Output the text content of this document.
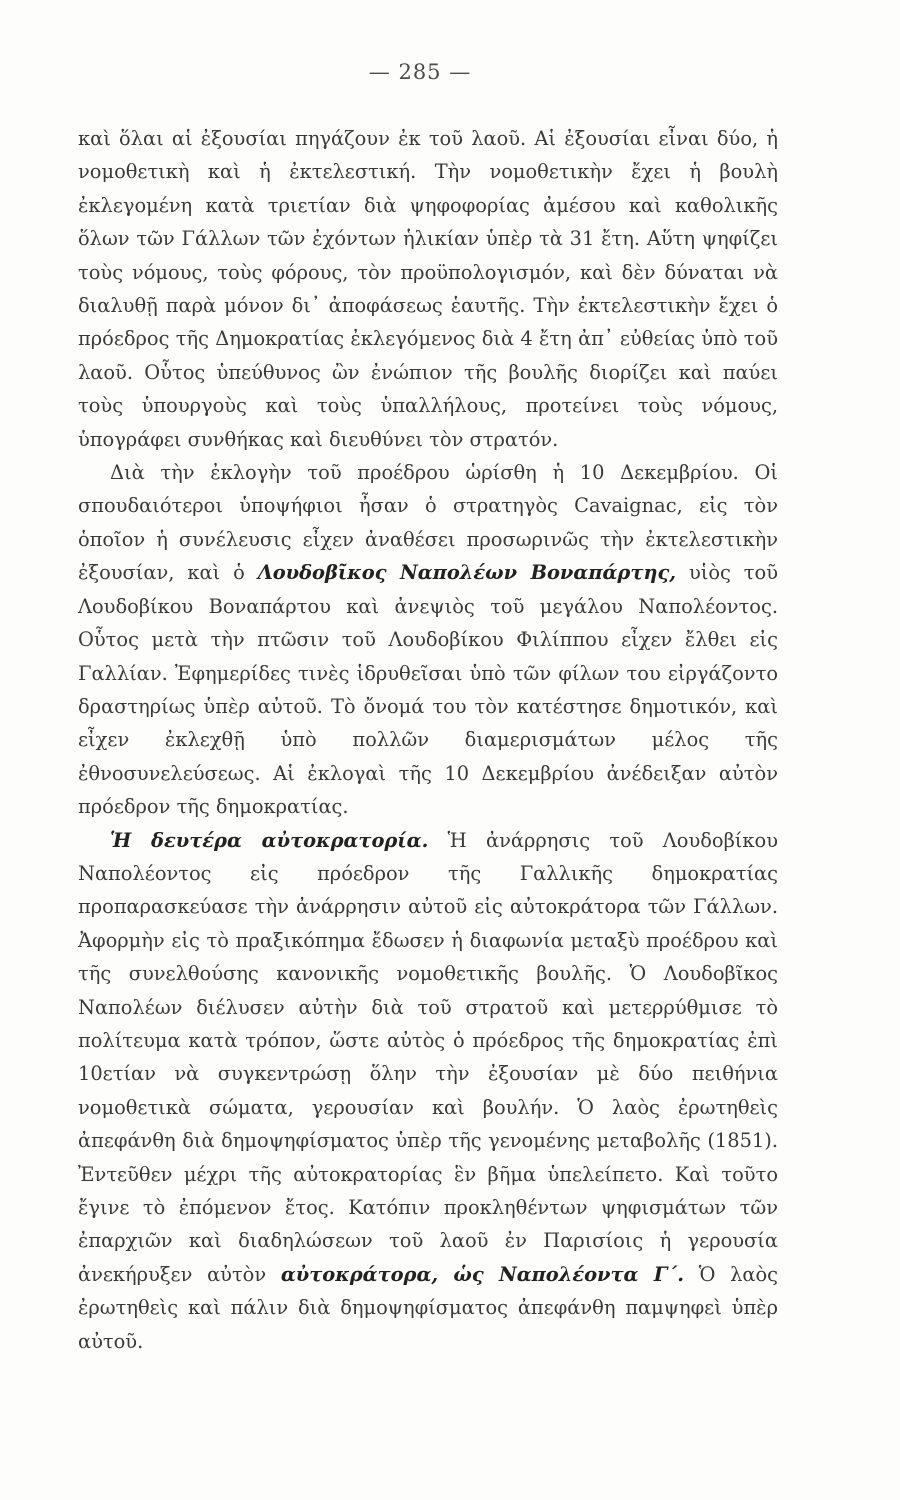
— 285 —

καὶ ὅλαι αἱ ἐξουσίαι πηγάζουν ἐκ τοῦ λαοῦ. Αἱ ἐξουσίαι εἶναι δύο, ἡ νομοθετικὴ καὶ ἡ ἐκτελεστική. Τὴν νομοθετικὴν ἔχει ἡ βουλὴ ἐκλεγομένη κατὰ τριετίαν διὰ ψηφοφορίας ἀμέσου καὶ καθολικῆς ὅλων τῶν Γάλλων τῶν ἐχόντων ἡλικίαν ὑπὲρ τὰ 31 ἔτη. Αὕτη ψηφίζει τοὺς νόμους, τοὺς φόρους, τὸν προϋπολογισμόν, καὶ δὲν δύναται νὰ διαλυθῇ παρὰ μόνον δι᾽ ἀποφάσεως ἑαυτῆς. Τὴν ἐκτελεστικὴν ἔχει ὁ πρόεδρος τῆς Δημοκρατίας ἐκλεγόμενος διὰ 4 ἔτη ἀπ᾽ εὐθείας ὑπὸ τοῦ λαοῦ. Οὗτος ὑπεύθυνος ὢν ἐνώπιον τῆς βουλῆς διορίζει καὶ παύει τοὺς ὑπουργοὺς καὶ τοὺς ὑπαλλήλους, προτείνει τοὺς νόμους, ὑπογράφει συνθήκας καὶ διευθύνει τὸν στρατόν.

Διὰ τὴν ἐκλογὴν τοῦ προέδρου ὡρίσθη ἡ 10 Δεκεμβρίου. Οἱ σπουδαιότεροι ὑποψήφιοι ἦσαν ὁ στρατηγὸς Cavaignac, εἰς τὸν ὁποῖον ἡ συνέλευσις εἶχεν ἀναθέσει προσωρινῶς τὴν ἐκτελεστικὴν ἐξουσίαν, καὶ ὁ Λουδοβῖκος Ναπολέων Βοναπάρτης, υἱὸς τοῦ Λουδοβίκου Βοναπάρτου καὶ ἀνεψιὸς τοῦ μεγάλου Ναπολέοντος. Οὗτος μετὰ τὴν πτῶσιν τοῦ Λουδοβίκου Φιλίππου εἶχεν ἔλθει εἰς Γαλλίαν. Ἐφημερίδες τινὲς ἱδρυθεῖσαι ὑπὸ τῶν φίλων του εἰργάζοντο δραστηρίως ὑπὲρ αὐτοῦ. Τὸ ὄνομά του τὸν κατέστησε δημοτικόν, καὶ εἶχεν ἐκλεχθῇ ὑπὸ πολλῶν διαμερισμάτων μέλος τῆς ἐθνοσυνελεύσεως. Αἱ ἐκλογαὶ τῆς 10 Δεκεμβρίου ἀνέδειξαν αὐτὸν πρόεδρον τῆς δημοκρατίας.

Ἡ δευτέρα αὐτοκρατορία. Ἡ ἀνάρρησις τοῦ Λουδοβίκου Ναπολέοντος εἰς πρόεδρον τῆς Γαλλικῆς δημοκρατίας προπαρασκεύασε τὴν ἀνάρρησιν αὐτοῦ εἰς αὐτοκράτορα τῶν Γάλλων. Ἀφορμὴν εἰς τὸ πραξικόπημα ἔδωσεν ἡ διαφωνία μεταξὺ προέδρου καὶ τῆς συνελθούσης κανονικῆς νομοθετικῆς βουλῆς. Ὁ Λουδοβῖκος Ναπολέων διέλυσεν αὐτὴν διὰ τοῦ στρατοῦ καὶ μετερρύθμισε τὸ πολίτευμα κατὰ τρόπον, ὥστε αὐτὸς ὁ πρόεδρος τῆς δημοκρατίας ἐπὶ 10ετίαν νὰ συγκεντρώσῃ ὅλην τὴν ἐξουσίαν μὲ δύο πειθήνια νομοθετικὰ σώματα, γερουσίαν καὶ βουλήν. Ὁ λαὸς ἐρωτηθεὶς ἀπεφάνθη διὰ δημοψηφίσματος ὑπὲρ τῆς γενομένης μεταβολῆς (1851). Ἐντεῦθεν μέχρι τῆς αὐτοκρατορίας ἓν βῆμα ὑπελείπετο. Καὶ τοῦτο ἔγινε τὸ ἐπόμενον ἔτος. Κατόπιν προκληθέντων ψηφισμάτων τῶν ἐπαρχιῶν καὶ διαδηλώσεων τοῦ λαοῦ ἐν Παρισίοις ἡ γερουσία ἀνεκήρυξεν αὐτὸν αὐτοκράτορα, ὡς Ναπολέοντα Γ΄. Ὁ λαὸς ἐρωτηθεὶς καὶ πάλιν διὰ δημοψηφίσματος ἀπεφάνθη παμψηφεὶ ὑπὲρ αὐτοῦ.
